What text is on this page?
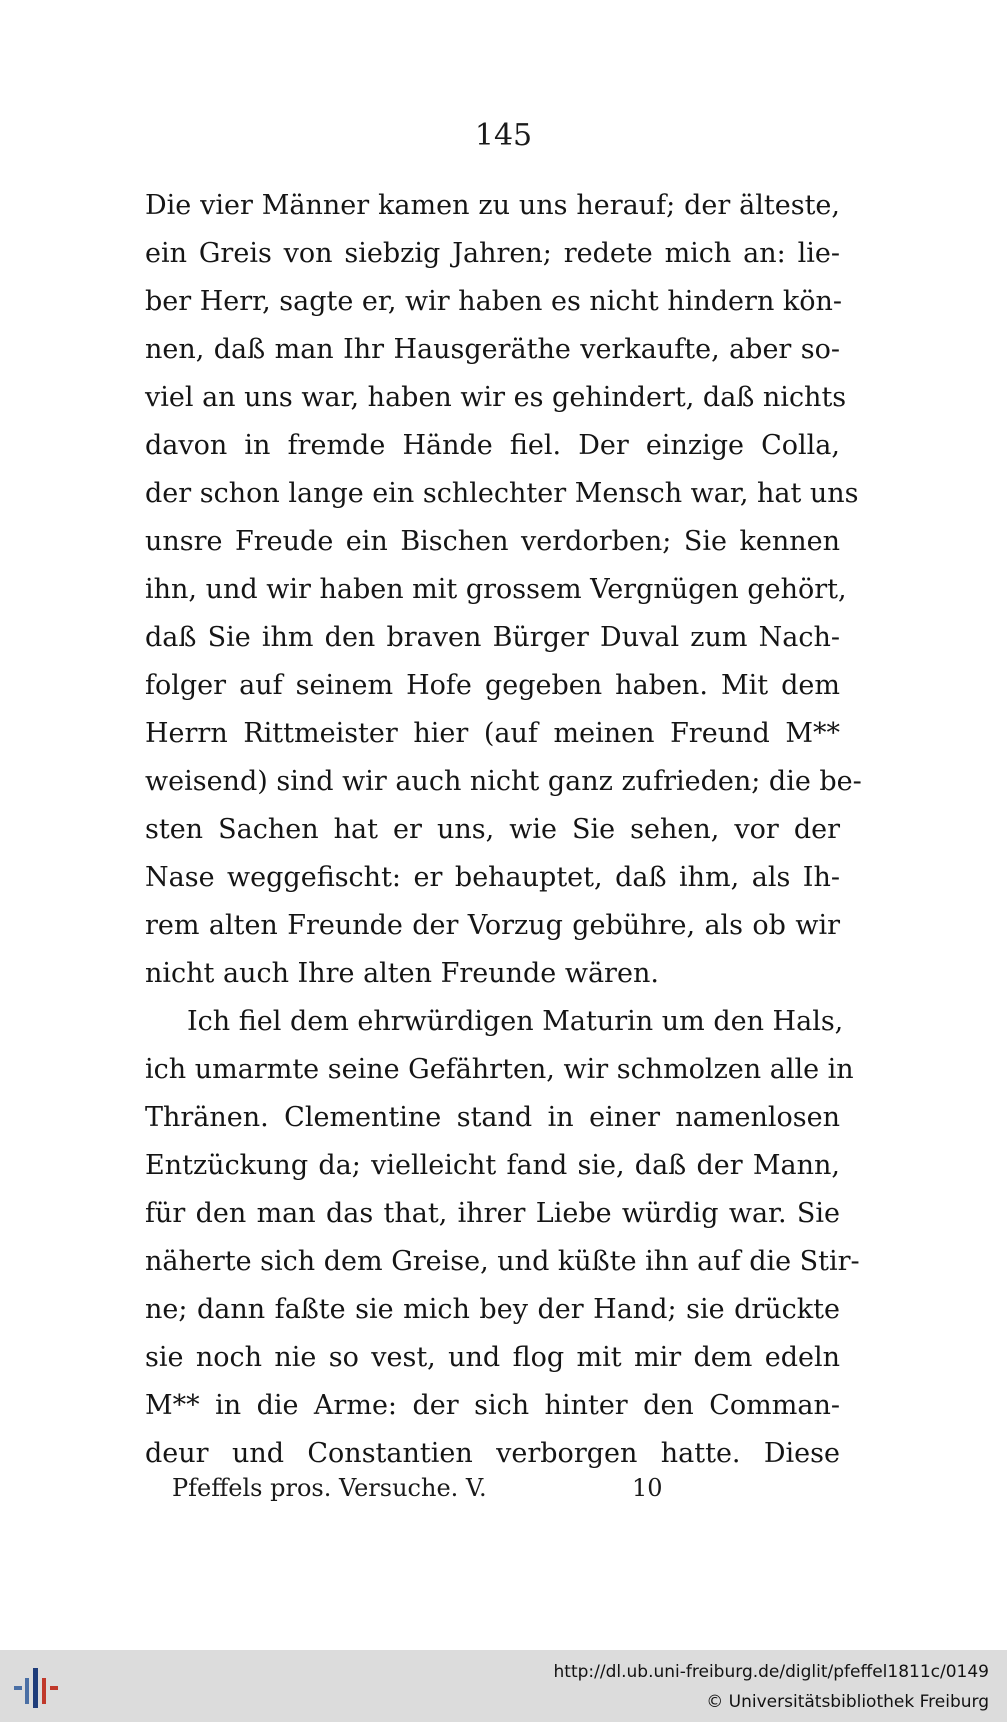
145
Die vier Männer kamen zu uns herauf; der älteste,
ein Greis von siebzig Jahren; redete mich an: lie-
ber Herr, sagte er, wir haben es nicht hindern kön-
nen, daß man Ihr Hausgeräthe verkaufte, aber so-
viel an uns war, haben wir es gehindert, daß nichts
davon in fremde Hände fiel. Der einzige Colla,
der schon lange ein schlechter Mensch war, hat uns
unsre Freude ein Bischen verdorben; Sie kennen
ihn, und wir haben mit grossem Vergnügen gehört,
daß Sie ihm den braven Bürger Duval zum Nach-
folger auf seinem Hofe gegeben haben. Mit dem
Herrn Rittmeister hier (auf meinen Freund M**
weisend) sind wir auch nicht ganz zufrieden; die be-
sten Sachen hat er uns, wie Sie sehen, vor der
Nase weggefischt: er behauptet, daß ihm, als Ih-
rem alten Freunde der Vorzug gebühre, als ob wir
nicht auch Ihre alten Freunde wären.
Ich fiel dem ehrwürdigen Maturin um den Hals,
ich umarmte seine Gefährten, wir schmolzen alle in
Thränen. Clementine stand in einer namenlosen
Entzückung da; vielleicht fand sie, daß der Mann,
für den man das that, ihrer Liebe würdig war. Sie
näherte sich dem Greise, und küßte ihn auf die Stir-
ne; dann faßte sie mich bey der Hand; sie drückte
sie noch nie so vest, und flog mit mir dem edeln
M** in die Arme: der sich hinter den Comman-
deur und Constantien verborgen hatte. Diese
Pfeffels pros. Versuche. V.	10
http://dl.ub.uni-freiburg.de/diglit/pfeffel1811c/0149
© Universitätsbibliothek Freiburg
